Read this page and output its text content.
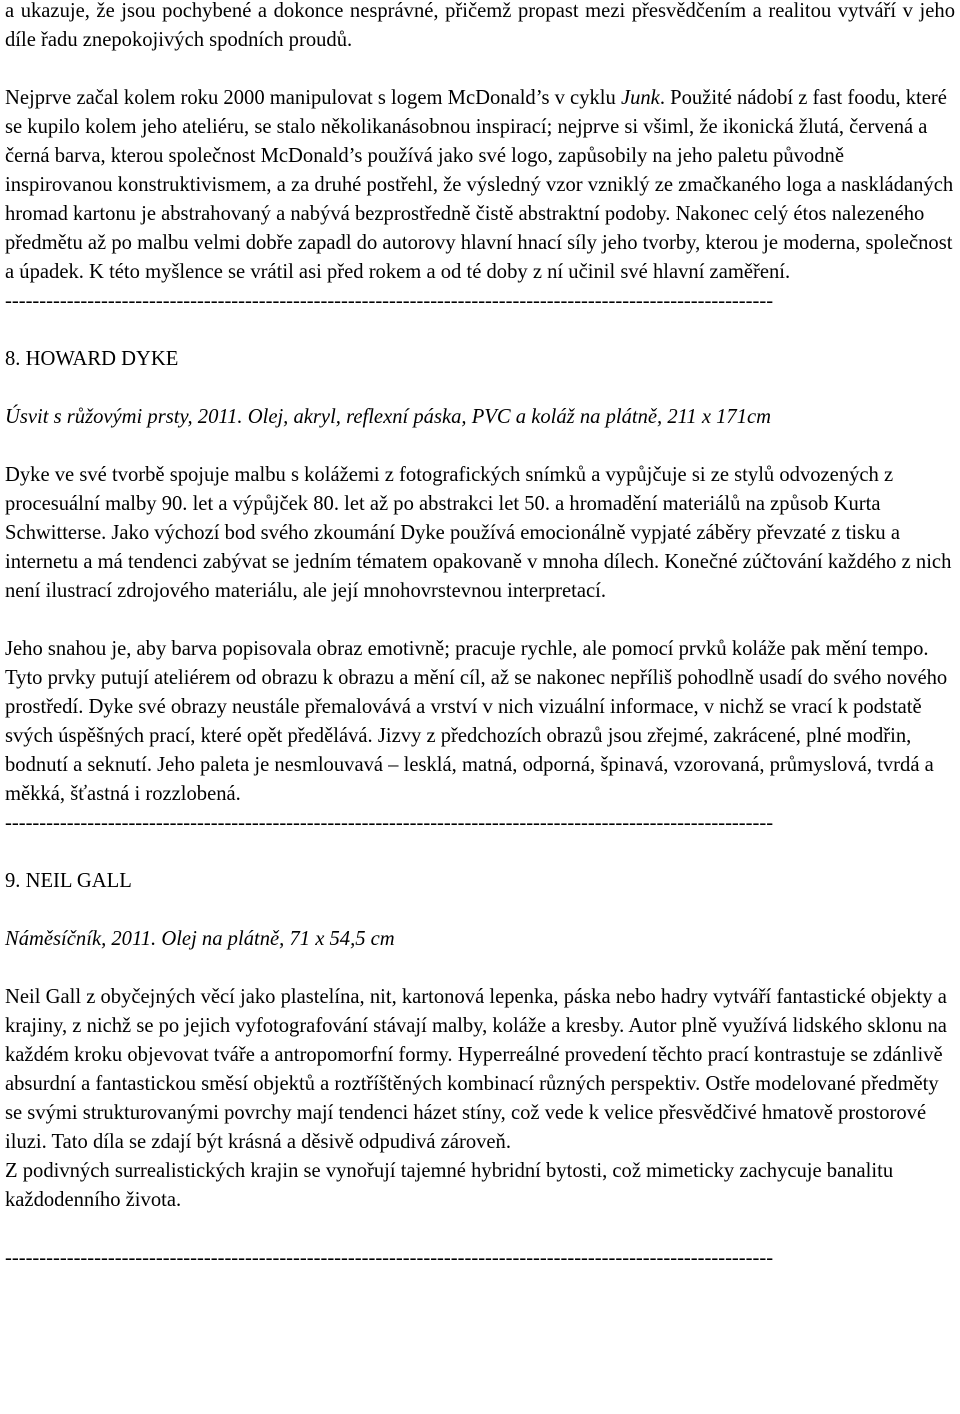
a ukazuje, že jsou pochybené a dokonce nesprávné, přičemž propast mezi přesvědčením a realitou vytváří v jeho díle řadu znepokojivých spodních proudů.

Nejprve začal kolem roku 2000 manipulovat s logem McDonald’s v cyklu Junk. Použité nádobí z fast foodu, které se kupilo kolem jeho ateliéru, se stalo několikanásobnou inspirací; nejprve si všiml, že ikonická žlutá, červená a černá barva, kterou společnost McDonald’s používá jako své logo, zapůsobily na jeho paletu původně inspirovanou konstruktivismem, a za druhé postřehl, že výsledný vzor vzniklý ze zmačkaného loga a naskládaných hromad kartonu je abstrahovaný a nabývá bezprostředně čistě abstraktní podoby. Nakonec celý étos nalezeného předmětu až po malbu velmi dobře zapadl do autorovy hlavní hnací síly jeho tvorby, kterou je moderna, společnost a úpadek. K této myšlence se vrátil asi před rokem a od té doby z ní učinil své hlavní zaměření.

----------------------------------------------------------------------------------------------------------------
8. HOWARD DYKE
Úsvit s růžovými prsty, 2011. Olej, akryl, reflexní páska, PVC a koláž na plátně, 211 x 171cm

Dyke ve své tvorbě spojuje malbu s kolážemi z fotografických snímků a vypůjčuje si ze stylů odvozených z procesuální malby 90. let a výpůjček 80. let až po abstrakci let 50. a hromadění materiálů na způsob Kurta Schwitterse. Jako výchozí bod svého zkoumání Dyke používá emocionálně vypjaté záběry převzaté z tisku a internetu a má tendenci zabývat se jedním tématem opakovaně v mnoha dílech. Konečné zúčtování každého z nich není ilustrací zdrojového materiálu, ale její mnohovrstevnou interpretací.

Jeho snahou je, aby barva popisovala obraz emotivně; pracuje rychle, ale pomocí prvků koláže pak mění tempo. Tyto prvky putují ateliérem od obrazu k obrazu a mění cíl, až se nakonec nepříliš pohodlně usadí do svého nového prostředí. Dyke své obrazy neustále přemalovává a vrství v nich vizuální informace, v nichž se vrací k podstatě svých úspěšných prací, které opět předělává. Jizvy z předchozích obrazů jsou zřejmé, zakrácené, plné modřin, bodnutí a seknutí. Jeho paleta je nesmlouvavá – lesklá, matná, odporná, špinavá, vzorovaná, průmyslová, tvrdá a měkká, šťastná i rozzlobená.

----------------------------------------------------------------------------------------------------------------
9. NEIL GALL
Náměsíčník, 2011. Olej na plátně, 71 x 54,5 cm

Neil Gall z obyčejných věcí jako plastelína, nit, kartonová lepenka, páska nebo hadry vytváří fantastické objekty a krajiny, z nichž se po jejich vyfotografování stávají malby, koláže a kresby. Autor plně využívá lidského sklonu na každém kroku objevovat tváře a antropomorfní formy. Hyperreálné provedení těchto prací kontrastuje se zdánlivě absurdní a fantastickou směsí objektů a roztříštěných kombinací různých perspektiv. Ostře modelované předměty se svými strukturovanými povrchy mají tendenci házet stíny, což vede k velice přesvědčivé hmatově prostorové iluzi. Tato díla se zdají být krásná a děsivě odpudivá zároveň.

Z podivných surrealistických krajin se vynořují tajemné hybridní bytosti, což mimeticky zachycuje banalitu každodenního života.

----------------------------------------------------------------------------------------------------------------
